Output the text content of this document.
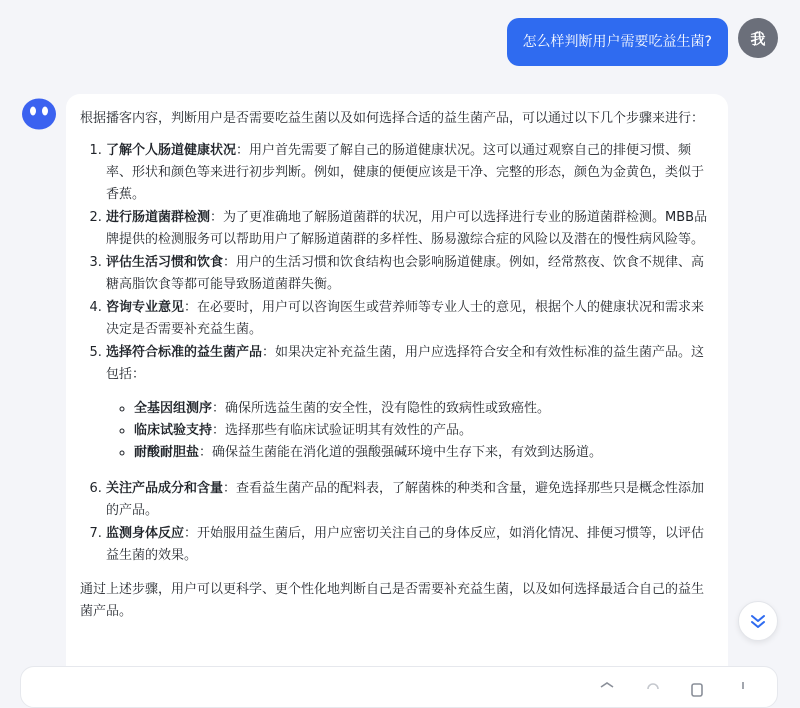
怎么样判断用户需要吃益生菌?	我

根据播客内容，判断用户是否需要吃益生菌以及如何选择合适的益生菌产品，可以通过以下几个步骤来进行：

1. 了解个人肠道健康状况：用户首先需要了解自己的肠道健康状况。这可以通过观察自己的排便习惯、频率、形状和颜色等来进行初步判断。例如，健康的便便应该是干净、完整的形态，颜色为金黄色，类似于香蕉。
2. 进行肠道菌群检测：为了更准确地了解肠道菌群的状况，用户可以选择进行专业的肠道菌群检测。MBB品牌提供的检测服务可以帮助用户了解肠道菌群的多样性、肠易激综合症的风险以及潜在的慢性病风险等。
3. 评估生活习惯和饮食：用户的生活习惯和饮食结构也会影响肠道健康。例如，经常熬夜、饮食不规律、高糖高脂饮食等都可能导致肠道菌群失衡。
4. 咨询专业意见：在必要时，用户可以咨询医生或营养师等专业人士的意见，根据个人的健康状况和需求来决定是否需要补充益生菌。
5. 选择符合标准的益生菌产品：如果决定补充益生菌，用户应选择符合安全和有效性标准的益生菌产品。这包括：
◦ 全基因组测序：确保所选益生菌的安全性，没有隐性的致病性或致癌性。
◦ 临床试验支持：选择那些有临床试验证明其有效性的产品。
◦ 耐酸耐胆盐：确保益生菌能在消化道的强酸强碱环境中生存下来，有效到达肠道。
6. 关注产品成分和含量：查看益生菌产品的配料表，了解菌株的种类和含量，避免选择那些只是概念性添加的产品。
7. 监测身体反应：开始服用益生菌后，用户应密切关注自己的身体反应，如消化情况、排便习惯等，以评估益生菌的效果。

通过上述步骤，用户可以更科学、更个性化地判断自己是否需要补充益生菌，以及如何选择最适合自己的益生菌产品。
